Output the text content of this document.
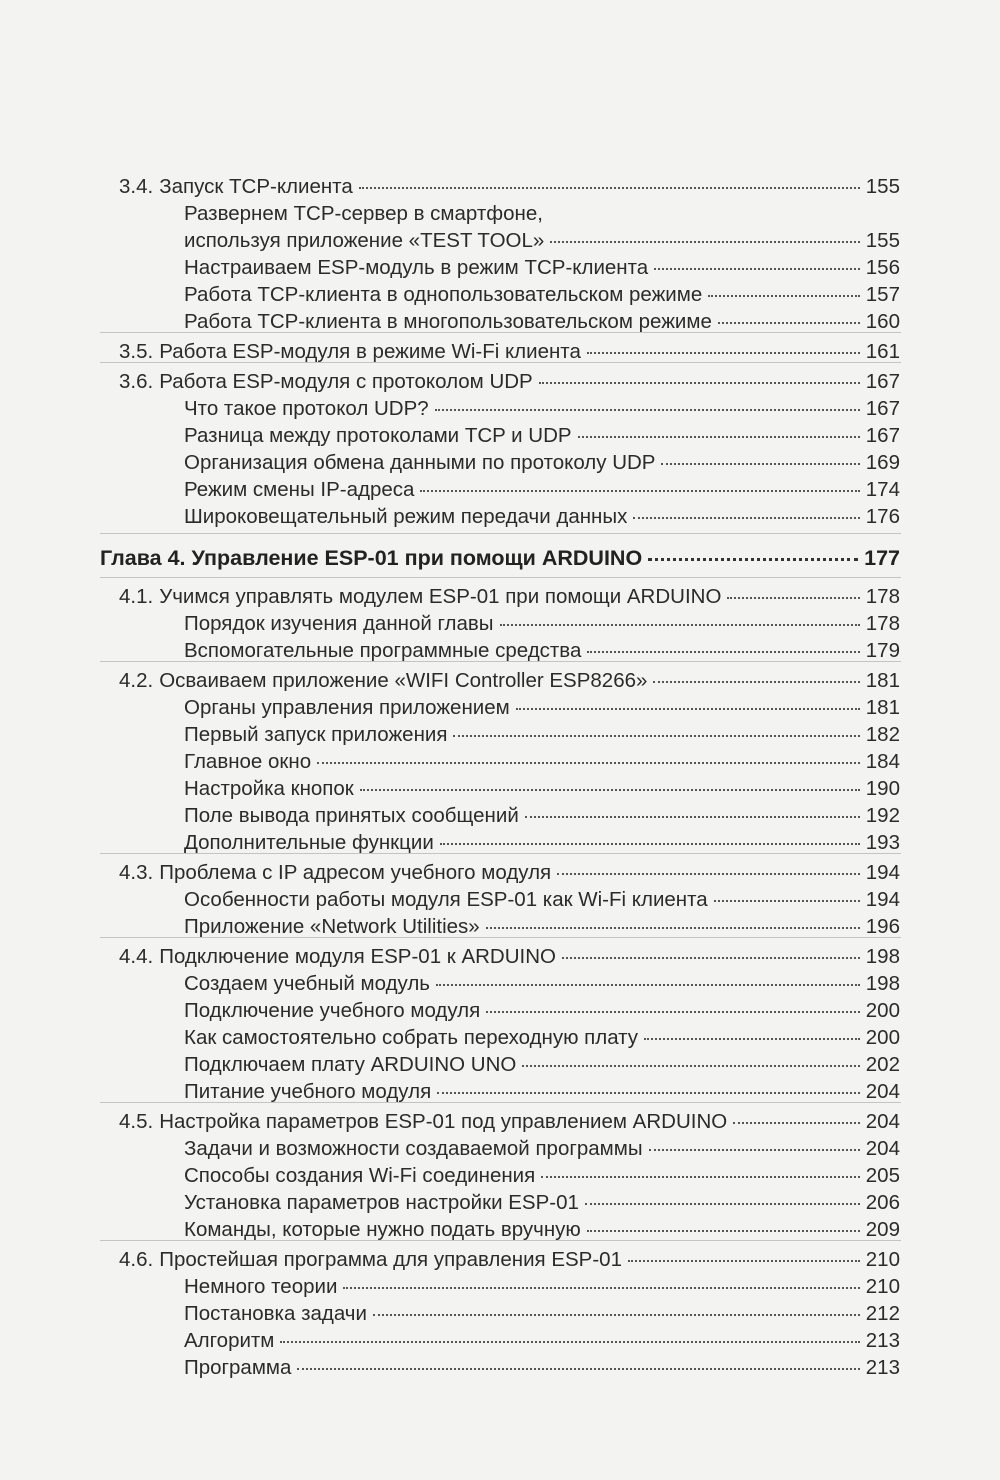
3.4. Запуск TCP-клиента	155
Развернем TCP-сервер в смартфоне,
используя приложение «TEST TOOL»	155
Настраиваем ESP-модуль в режим TCP-клиента	156
Работа TCP-клиента в однопользовательском режиме	157
Работа TCP-клиента в многопользовательском режиме	160
3.5. Работа ESP-модуля в режиме Wi-Fi клиента	161
3.6. Работа ESP-модуля с протоколом UDP	167
Что такое протокол UDP?	167
Разница между протоколами TCP и UDP	167
Организация обмена данными по протоколу UDP	169
Режим смены IP-адреса	174
Широковещательный режим передачи данных	176
Глава 4. Управление ESP-01 при помощи ARDUINO	177
4.1. Учимся управлять модулем ESP-01 при помощи ARDUINO	178
Порядок изучения данной главы	178
Вспомогательные программные средства	179
4.2. Осваиваем приложение «WIFI Controller ESP8266»	181
Органы управления приложением	181
Первый запуск приложения	182
Главное окно	184
Настройка кнопок	190
Поле вывода принятых сообщений	192
Дополнительные функции	193
4.3. Проблема с IP адресом учебного модуля	194
Особенности работы модуля ESP-01 как Wi-Fi клиента	194
Приложение «Network Utilities»	196
4.4. Подключение модуля ESP-01 к ARDUINO	198
Создаем учебный модуль	198
Подключение учебного модуля	200
Как самостоятельно собрать переходную плату	200
Подключаем плату ARDUINO UNO	202
Питание учебного модуля	204
4.5. Настройка параметров ESP-01 под управлением ARDUINO	204
Задачи и возможности создаваемой программы	204
Способы создания Wi-Fi соединения	205
Установка параметров настройки ESP-01	206
Команды, которые нужно подать вручную	209
4.6. Простейшая программа для управления ESP-01	210
Немного теории	210
Постановка задачи	212
Алгоритм	213
Программа	213
